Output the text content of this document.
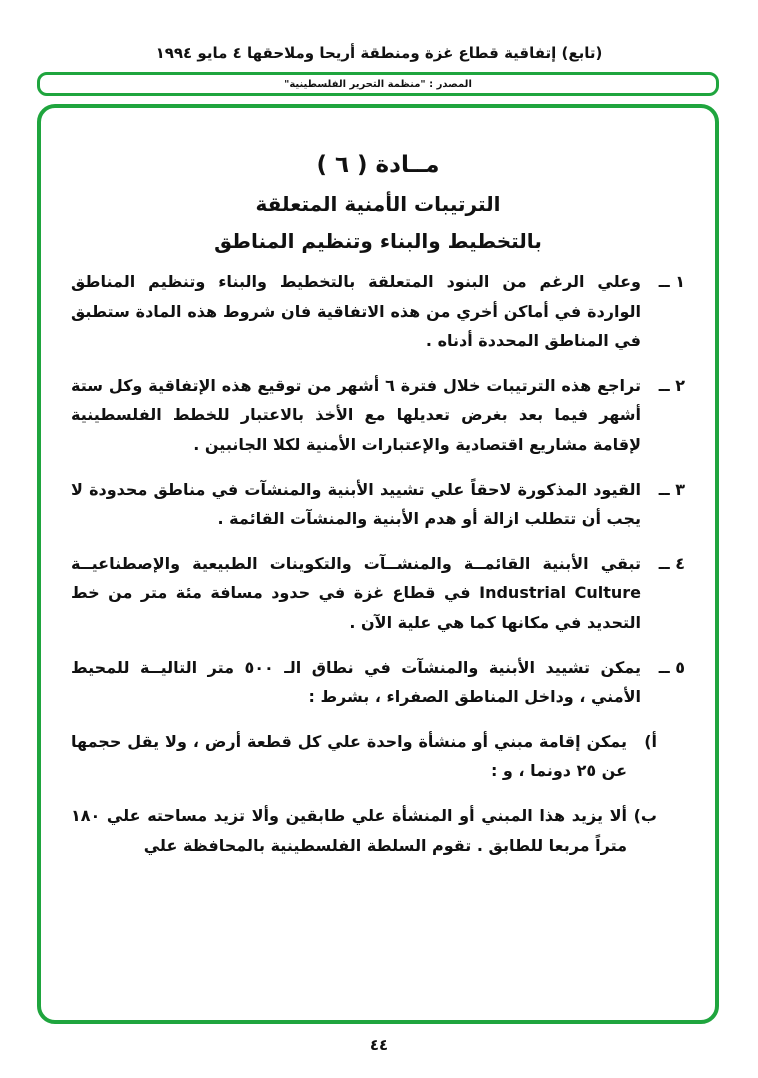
(تابع) إتفاقية قطاع غزة ومنطقة أريحا وملاحقها ٤ مايو ١٩٩٤
المصدر : "منظمة التحرير الفلسطينية"
مــادة ( ٦ )
الترتيبات الأمنية المتعلقة
بالتخطيط والبناء وتنظيم المناطق
١ ــ
وعلي الرغم من البنود المتعلقة بالتخطيط والبناء وتنظيم المناطق الواردة في أماكن أخري من هذه الاتفاقية فان شروط هذه المادة ستطبق في المناطق المحددة أدناه .
٢ ــ
تراجع هذه الترتيبات خلال فترة ٦ أشهر من توقيع هذه الإتفاقية وكل ستة أشهر فيما بعد بغرض تعديلها مع الأخذ بالاعتبار للخطط الفلسطينية لإقامة مشاريع اقتصادية والإعتبارات الأمنية لكلا الجانبين .
٣ ــ
القيود المذكورة لاحقاً علي تشييد الأبنية والمنشآت في مناطق محدودة لا يجب أن تتطلب ازالة أو هدم الأبنية والمنشآت القائمة .
٤ ــ
تبقي الأبنية القائمــة والمنشــآت والتكوينات الطبيعية والإصطناعيــة Industrial Culture في قطاع غزة في حدود مسافة مئة متر من خط التحديد في مكانها كما هي علية الآن .
٥ ــ
يمكن تشييد الأبنية والمنشآت في نطاق الـ ٥٠٠ متر التاليــة للمحيط الأمني ، وداخل المناطق الصفراء ، بشرط :
أ)
يمكن إقامة مبني أو منشأة واحدة علي كل قطعة أرض ، ولا يقل حجمها عن ٢٥ دونما ، و :
ب)
ألا يزيد هذا المبني أو المنشأة علي طابقين وألا تزيد مساحته علي ١٨٠ متراً مربعا للطابق . تقوم السلطة الفلسطينية بالمحافظة علي
٤٤
